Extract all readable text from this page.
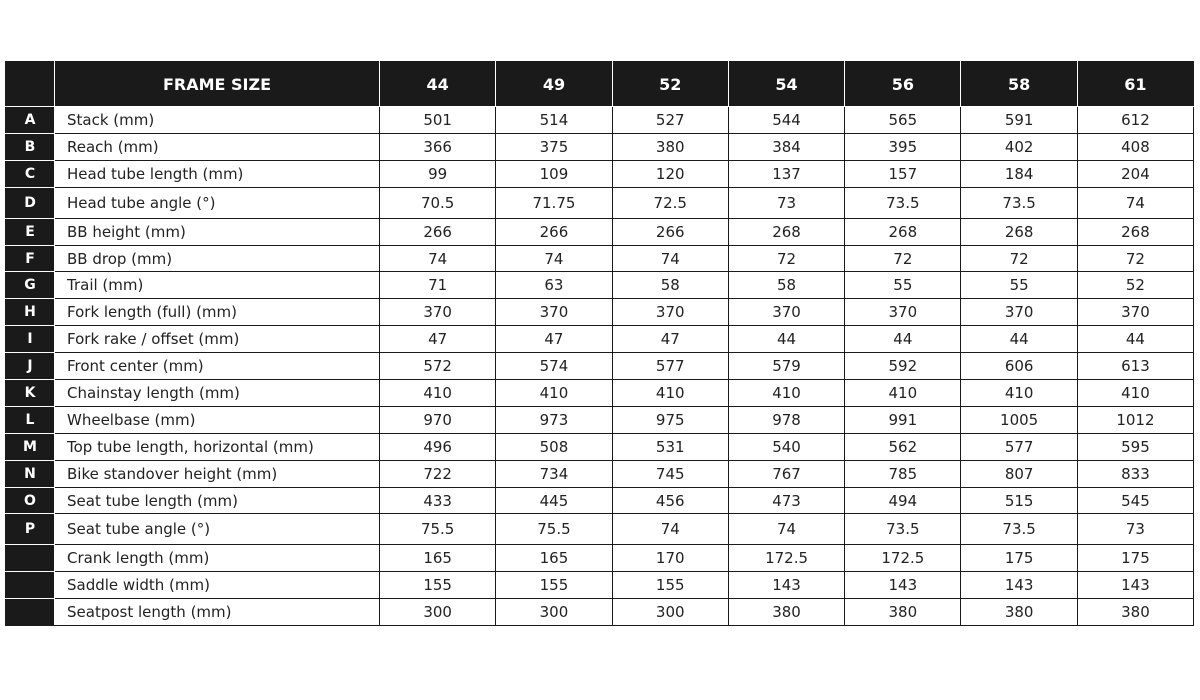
	FRAME SIZE	44	49	52	54	56	58	61
A	Stack (mm)	501	514	527	544	565	591	612
B	Reach (mm)	366	375	380	384	395	402	408
C	Head tube length (mm)	99	109	120	137	157	184	204
D	Head tube angle (°)	70.5	71.75	72.5	73	73.5	73.5	74
E	BB height (mm)	266	266	266	268	268	268	268
F	BB drop (mm)	74	74	74	72	72	72	72
G	Trail (mm)	71	63	58	58	55	55	52
H	Fork length (full) (mm)	370	370	370	370	370	370	370
I	Fork rake / offset (mm)	47	47	47	44	44	44	44
J	Front center (mm)	572	574	577	579	592	606	613
K	Chainstay length (mm)	410	410	410	410	410	410	410
L	Wheelbase (mm)	970	973	975	978	991	1005	1012
M	Top tube length, horizontal (mm)	496	508	531	540	562	577	595
N	Bike standover height (mm)	722	734	745	767	785	807	833
O	Seat tube length (mm)	433	445	456	473	494	515	545
P	Seat tube angle (°)	75.5	75.5	74	74	73.5	73.5	73
	Crank length (mm)	165	165	170	172.5	172.5	175	175
	Saddle width (mm)	155	155	155	143	143	143	143
	Seatpost length (mm)	300	300	300	380	380	380	380
